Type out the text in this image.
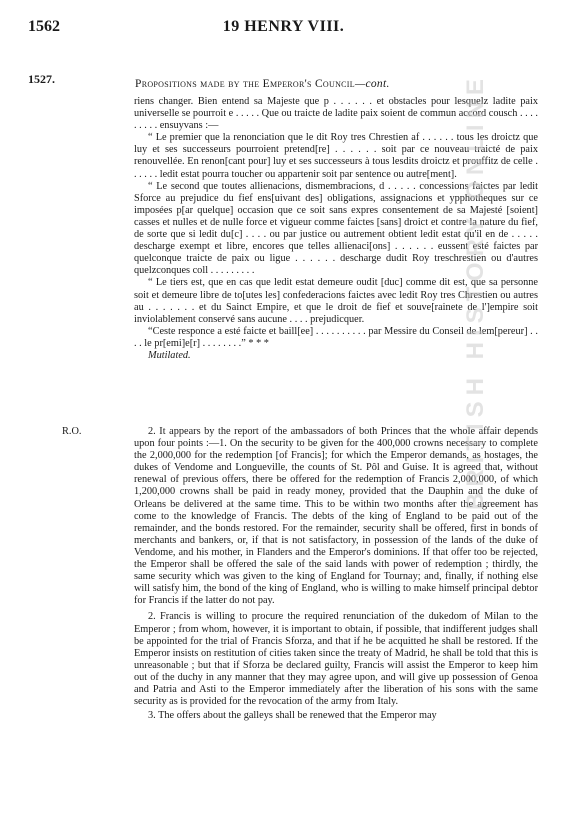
1562	19 HENRY VIII.
1527.	Propositions made by the Emperor's Council—cont.

riens changer. Bien entend sa Majeste que p . . . . . . et obstacles pour lesquelz ladite paix universelle se pourroit e . . . . . Que ou traicte de ladite paix soient de commun accord cousch . . . . . . . . . ensuyvans :—

“ Le premier que la renonciation que le dit Roy tres Chrestien af . . . . . . tous les droictz que luy et ses successeurs pourroient pretend[re] . . . . . . soit par ce nouveau traicté de paix renouvellée. En renon[cant pour] luy et ses successeurs à tous lesdits droictz et prouffitz de celle . . . . . . ledit estat pourra toucher ou appartenir soit par sentence ou autre[ment].

“ Le second que toutes allienacions, dismembracions, d . . . . . concessions faictes par ledit Sforce au prejudice du fief ens[uivant des] obligations, assignacions et ypphotheques sur ce imposées p[ar quelque] occasion que ce soit sans expres consentement de sa Majesté [soient] casses et nulles et de nulle force et vigueur comme faictes [sans] droict et contre la nature du fief, de sorte que si ledit du[c] . . . . ou par justice ou autrement obtient ledit estat qu'il en de . . . . . descharge exempt et libre, encores que telles allienaci[ons] . . . . . . eussent esté faictes par quelconque traicte de paix ou ligue . . . . . . descharge dudit Roy treschrestien ou d'autres quelzconques coll . . . . . . . . .

“ Le tiers est, que en cas que ledit estat demeure oudit [duc] comme dit est, que sa personne soit et demeure libre de to[utes les] confederacions faictes avec ledit Roy tres Chrestien ou autres au . . . . . . . et du Sainct Empire, et que le droit de fief et souve[rainete de l']empire soit inviolablement conservé sans aucune . . . . prejudicquer.

“Ceste responce a esté faicte et baill[ee] . . . . . . . . . . par Messire du Conseil de lem[pereur] . . . . le pr[emi]e[r] . . . . . . . .” * * *

Mutilated.

R.O.	2. It appears by the report of the ambassadors of both Princes that the whole affair depends upon four points :—1. On the security to be given for the 400,000 crowns necessary to complete the 2,000,000 for the redemption [of Francis]; for which the Emperor demands, as hostages, the dukes of Vendome and Longueville, the counts of St. Pôl and Guise. It is agreed that, without renewal of previous offers, there be offered for the redemption of Francis 2,000,000, of which 1,200,000 crowns shall be paid in ready money, provided that the Dauphin and the duke of Orleans be delivered at the same time. This to be within two months after the agreement has come to the knowledge of Francis. The debts of the king of England to be paid out of the remainder, and the bonds restored. For the remainder, security shall be offered, first in bonds of merchants and bankers, or, if that is not satisfactory, in possession of the lands of the duke of Vendome, and his mother, in Flanders and the Emperor's dominions. If that offer too be rejected, the Emperor shall be offered the sale of the said lands with power of redemption ; thirdly, the same security which was given to the king of England for Tournay; and, finally, if nothing else will satisfy him, the bond of the king of England, who is willing to make himself principal debtor for Francis if the latter do not pay.

2. Francis is willing to procure the required renunciation of the dukedom of Milan to the Emperor ; from whom, however, it is important to obtain, if possible, that indifferent judges shall be appointed for the trial of Francis Sforza, and that if he be acquitted he shall be restored. If the Emperor insists on restitution of cities taken since the treaty of Madrid, he shall be told that this is unreasonable ; but that if Sforza be declared guilty, Francis will assist the Emperor to keep him out of the duchy in any manner that they may agree upon, and will give up possession of Genoa and Patria and Asti to the Emperor immediately after the liberation of his sons with the same security as is provided for the revocation of the army from Italy.

3. The offers about the galleys shall be renewed that the Emperor may

BRITISH HISTORY ONLINE
